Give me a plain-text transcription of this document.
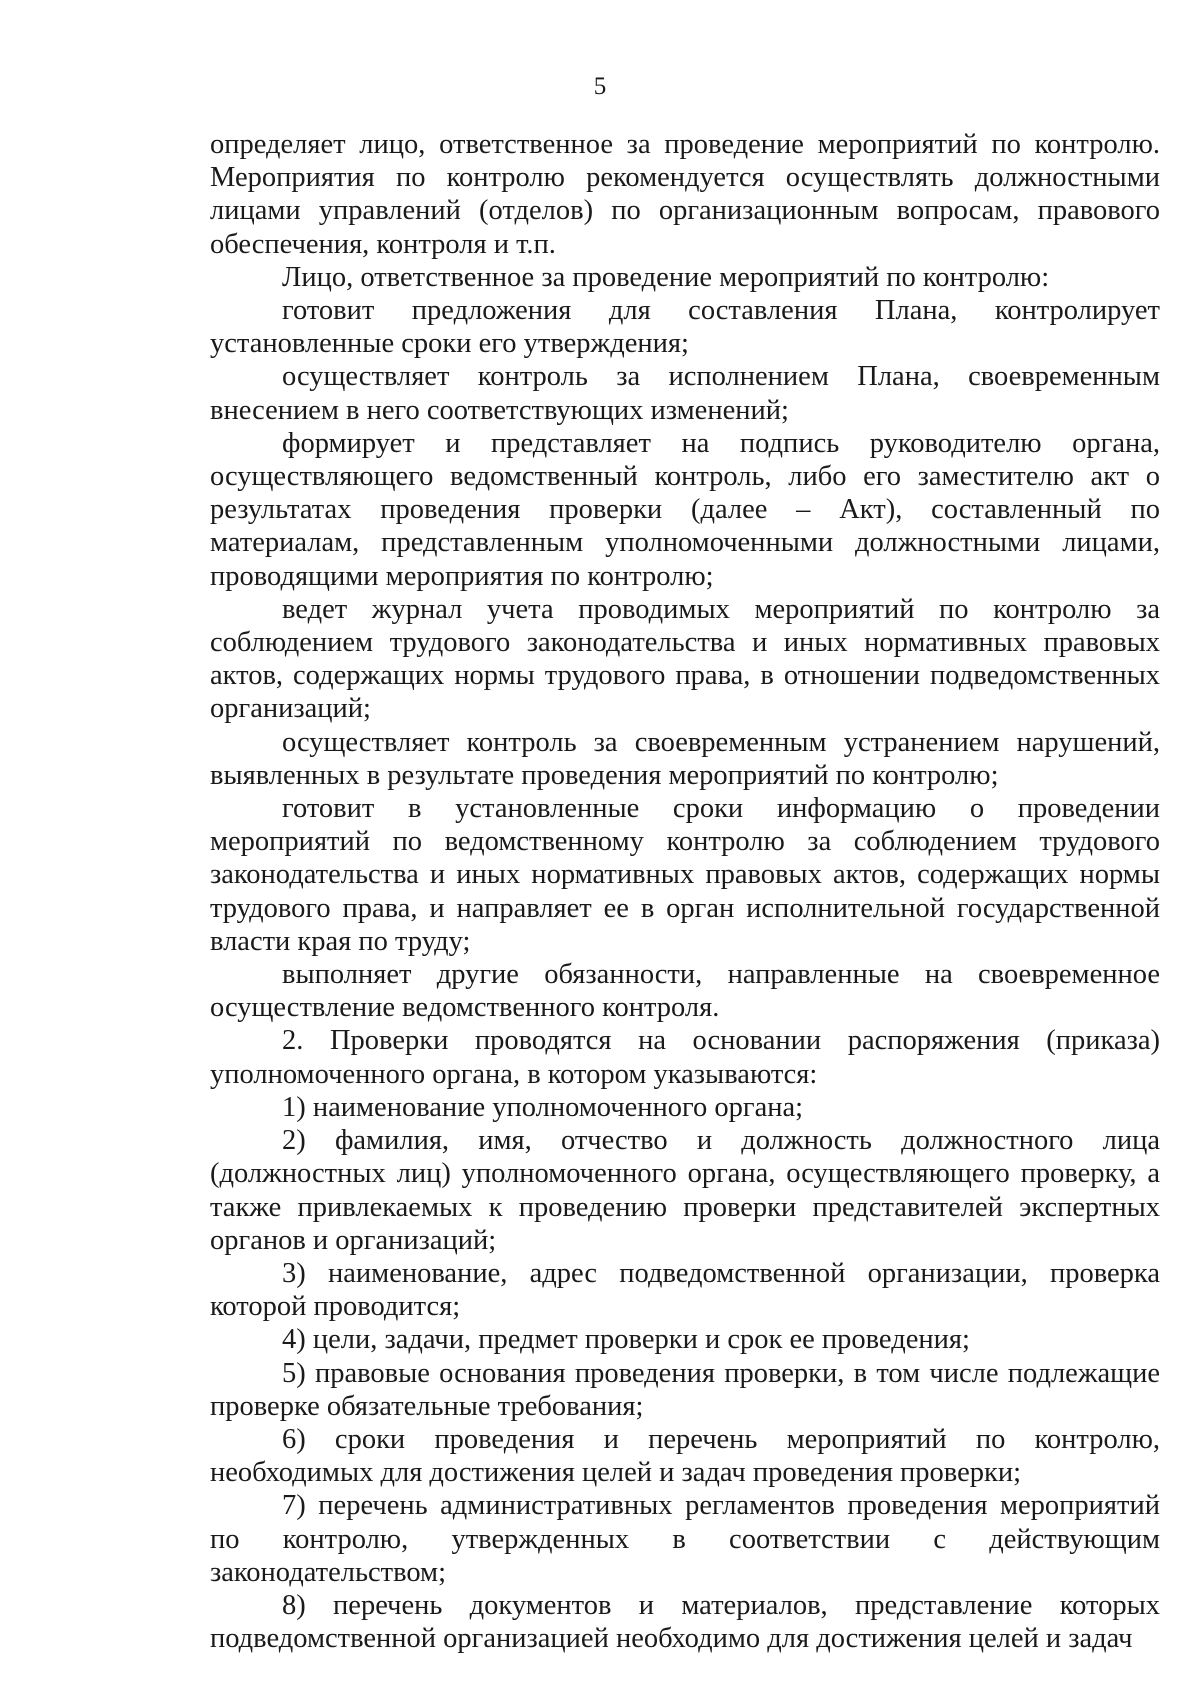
5

определяет лицо, ответственное за проведение мероприятий по контролю. Мероприятия по контролю рекомендуется осуществлять должностными лицами управлений (отделов) по организационным вопросам, правового обеспечения, контроля и т.п.

Лицо, ответственное за проведение мероприятий по контролю:

готовит предложения для составления Плана, контролирует установленные сроки его утверждения;

осуществляет контроль за исполнением Плана, своевременным внесением в него соответствующих изменений;

формирует и представляет на подпись руководителю органа, осуществляющего ведомственный контроль, либо его заместителю акт о результатах проведения проверки (далее – Акт), составленный по материалам, представленным уполномоченными должностными лицами, проводящими мероприятия по контролю;

ведет журнал учета проводимых мероприятий по контролю за соблюдением трудового законодательства и иных нормативных правовых актов, содержащих нормы трудового права, в отношении подведомственных организаций;

осуществляет контроль за своевременным устранением нарушений, выявленных в результате проведения мероприятий по контролю;

готовит в установленные сроки информацию о проведении мероприятий по ведомственному контролю за соблюдением трудового законодательства и иных нормативных правовых актов, содержащих нормы трудового права, и направляет ее в орган исполнительной государственной власти края по труду;

выполняет другие обязанности, направленные на своевременное осуществление ведомственного контроля.

2. Проверки проводятся на основании распоряжения (приказа) уполномоченного органа, в котором указываются:

1) наименование уполномоченного органа;

2) фамилия, имя, отчество и должность должностного лица (должностных лиц) уполномоченного органа, осуществляющего проверку, а также привлекаемых к проведению проверки представителей экспертных органов и организаций;

3) наименование, адрес подведомственной организации, проверка которой проводится;

4) цели, задачи, предмет проверки и срок ее проведения;

5) правовые основания проведения проверки, в том числе подлежащие проверке обязательные требования;

6) сроки проведения и перечень мероприятий по контролю, необходимых для достижения целей и задач проведения проверки;

7) перечень административных регламентов проведения мероприятий по контролю, утвержденных в соответствии с действующим законодательством;

8) перечень документов и материалов, представление которых подведомственной организацией необходимо для достижения целей и задач
